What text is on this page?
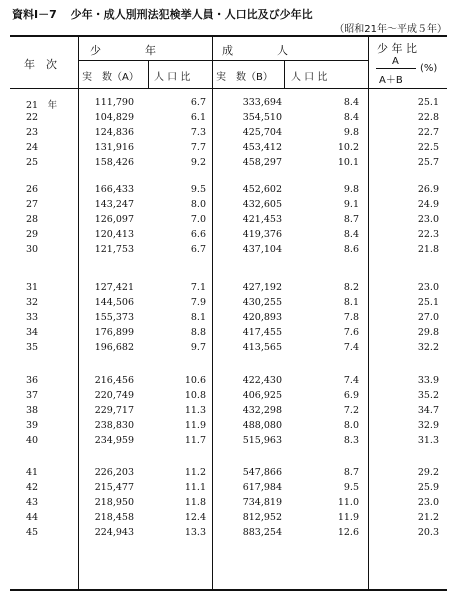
資料Ⅰ－7 少年・成人別刑法犯検挙人員・人口比及び少年比
（昭和21年～平成５年）
年　次
少　　　　年	成　　　　人	少 年 比
実　数（A） 人 口 比	実　数（B） 人 口 比
A
A＋B
(%)
21　年	111,790	6.7	333,694	8.4	25.1
22	104,829	6.1	354,510	8.4	22.8
23	124,836	7.3	425,704	9.8	22.7
24	131,916	7.7	453,412	10.2	22.5
25	158,426	9.2	458,297	10.1	25.7
26	166,433	9.5	452,602	9.8	26.9
27	143,247	8.0	432,605	9.1	24.9
28	126,097	7.0	421,453	8.7	23.0
29	120,413	6.6	419,376	8.4	22.3
30	121,753	6.7	437,104	8.6	21.8
31	127,421	7.1	427,192	8.2	23.0
32	144,506	7.9	430,255	8.1	25.1
33	155,373	8.1	420,893	7.8	27.0
34	176,899	8.8	417,455	7.6	29.8
35	196,682	9.7	413,565	7.4	32.2
36	216,456	10.6	422,430	7.4	33.9
37	220,749	10.8	406,925	6.9	35.2
38	229,717	11.3	432,298	7.2	34.7
39	238,830	11.9	488,080	8.0	32.9
40	234,959	11.7	515,963	8.3	31.3
41	226,203	11.2	547,866	8.7	29.2
42	215,477	11.1	617,984	9.5	25.9
43	218,950	11.8	734,819	11.0	23.0
44	218,458	12.4	812,952	11.9	21.2
45	224,943	13.3	883,254	12.6	20.3
